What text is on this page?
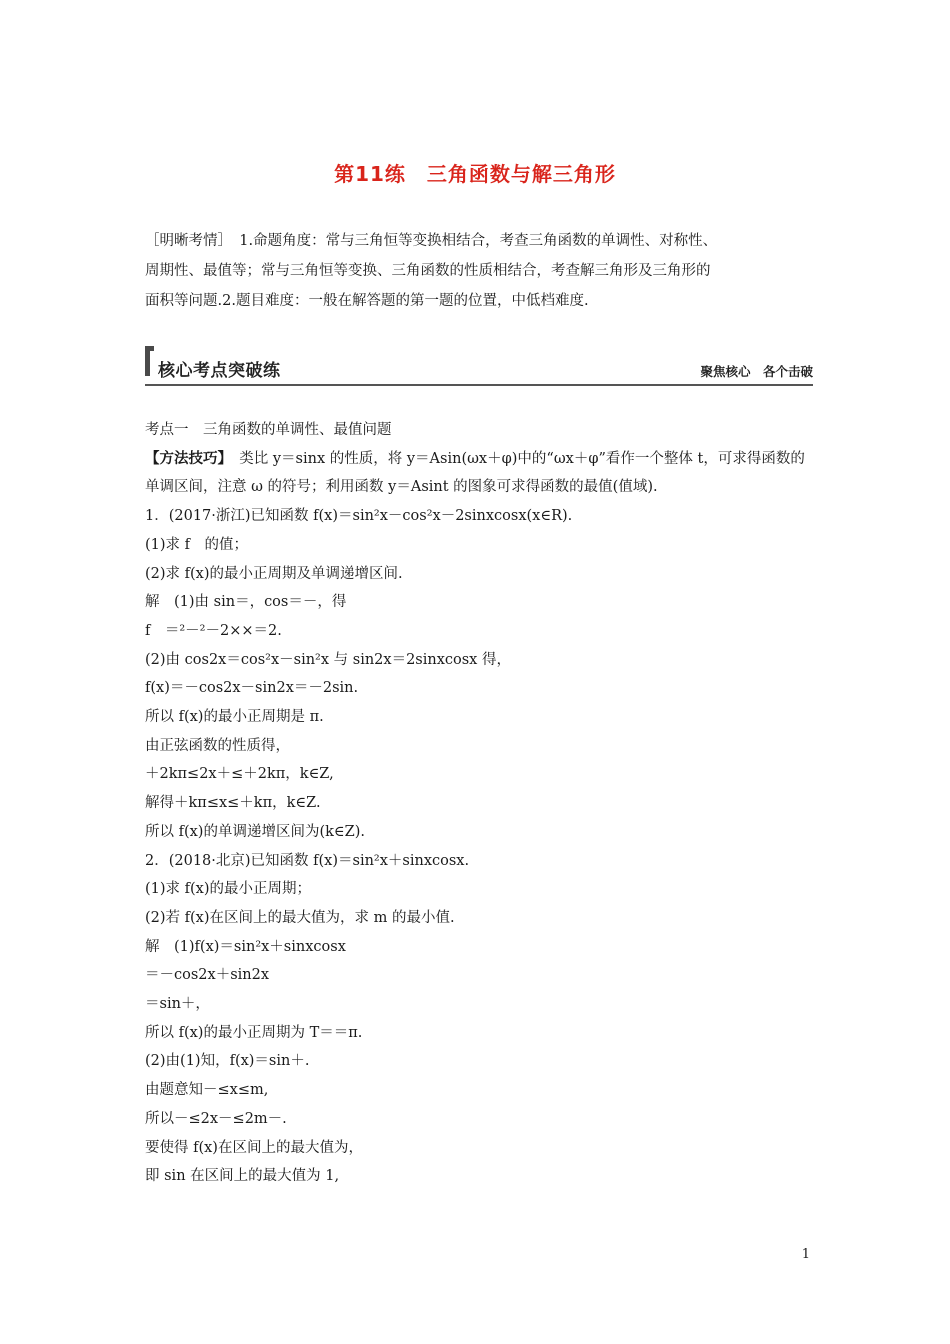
第11练　三角函数与解三角形

［明晰考情］　1.命题角度：常与三角恒等变换相结合，考查三角函数的单调性、对称性、

周期性、最值等；常与三角恒等变换、三角函数的性质相结合，考查解三角形及三角形的

面积等问题.2.题目难度：一般在解答题的第一题的位置，中低档难度.

核心考点突破练	聚焦核心　各个击破

考点一　三角函数的单调性、最值问题

【方法技巧】　类比 y＝sinx 的性质，将 y＝Asin(ωx＋φ)中的“ωx＋φ”看作一个整体 t，可求得函数的单调区间，注意 ω 的符号；利用函数 y＝Asint 的图象可求得函数的最值(值域).

1．(2017·浙江)已知函数 f(x)＝sin²x－cos²x－2sinxcosx(x∈R).

(1)求 f　的值；

(2)求 f(x)的最小正周期及单调递增区间.

解　(1)由 sin＝，cos＝－，得

f　＝²－²－2××＝2.

(2)由 cos2x＝cos²x－sin²x 与 sin2x＝2sinxcosx 得，

f(x)＝－cos2x－sin2x＝－2sin.

所以 f(x)的最小正周期是 π.

由正弦函数的性质得，

＋2kπ≤2x＋≤＋2kπ，k∈Z,

解得＋kπ≤x≤＋kπ，k∈Z.

所以 f(x)的单调递增区间为(k∈Z).

2．(2018·北京)已知函数 f(x)＝sin²x＋sinxcosx.

(1)求 f(x)的最小正周期；

(2)若 f(x)在区间上的最大值为，求 m 的最小值.

解　(1)f(x)＝sin²x＋sinxcosx

＝－cos2x＋sin2x

＝sin＋，

所以 f(x)的最小正周期为 T＝＝π.

(2)由(1)知，f(x)＝sin＋.

由题意知－≤x≤m,

所以－≤2x－≤2m－.

要使得 f(x)在区间上的最大值为，

即 sin 在区间上的最大值为 1,

1
